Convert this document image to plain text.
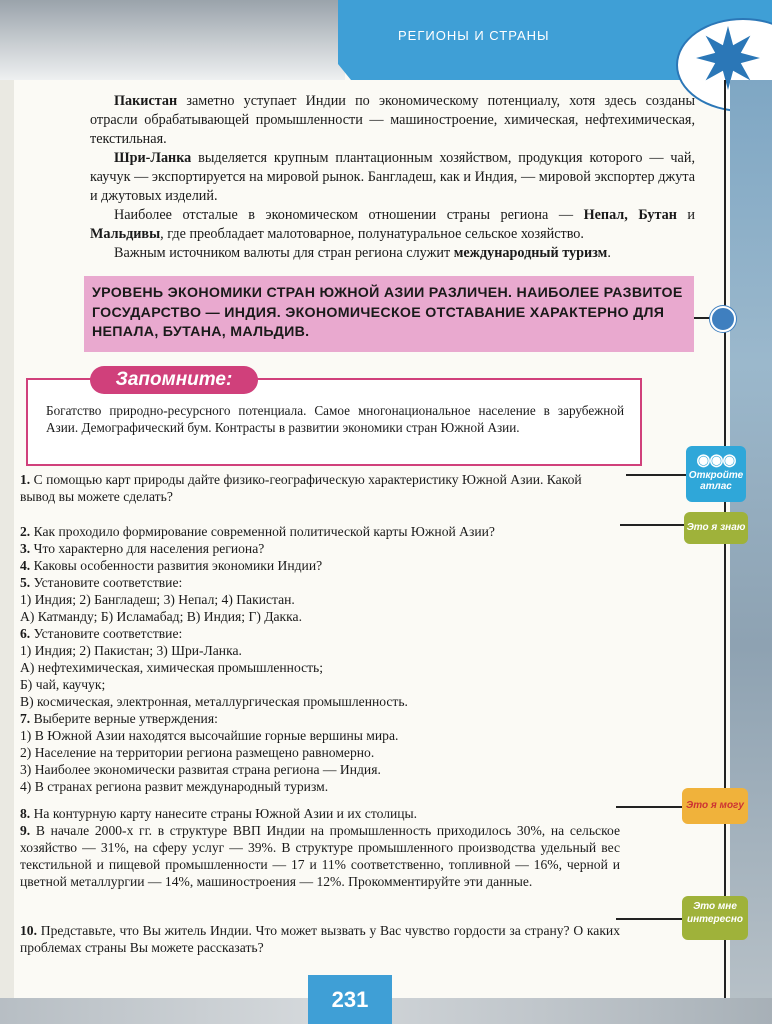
РЕГИОНЫ И СТРАНЫ

Пакистан заметно уступает Индии по экономическому потенциалу, хотя здесь созданы отрасли обрабатывающей промышленности — машиностроение, химическая, нефтехимическая, текстильная.

Шри-Ланка выделяется крупным плантационным хозяйством, продукция которого — чай, каучук — экспортируется на мировой рынок. Бангладеш, как и Индия, — мировой экспортер джута и джутовых изделий.

Наиболее отсталые в экономическом отношении страны региона — Непал, Бутан и Мальдивы, где преобладает малотоварное, полунатуральное сельское хозяйство.

Важным источником валюты для стран региона служит международный туризм.

УРОВЕНЬ ЭКОНОМИКИ СТРАН ЮЖНОЙ АЗИИ РАЗЛИЧЕН. НАИБОЛЕЕ РАЗВИТОЕ ГОСУДАРСТВО — ИНДИЯ. ЭКОНОМИЧЕСКОЕ ОТСТАВАНИЕ ХАРАКТЕРНО ДЛЯ НЕПАЛА, БУТАНА, МАЛЬДИВ.

Запомните:

Богатство природно-ресурсного потенциала. Самое многонациональное население в зарубежной Азии. Демографический бум. Контрасты в развитии экономики стран Южной Азии.

1. С помощью карт природы дайте физико-географическую характеристику Южной Азии. Какой вывод вы можете сделать?

2. Как проходило формирование современной политической карты Южной Азии?

3. Что характерно для населения региона?

4. Каковы особенности развития экономики Индии?

5. Установите соответствие:

1) Индия; 2) Бангладеш; 3) Непал; 4) Пакистан.

А) Катманду; Б) Исламабад; В) Индия; Г) Дакка.

6. Установите соответствие:

1) Индия; 2) Пакистан; 3) Шри-Ланка.

А) нефтехимическая, химическая промышленность;

Б) чай, каучук;

В) космическая, электронная, металлургическая промышленность.

7. Выберите верные утверждения:

1) В Южной Азии находятся высочайшие горные вершины мира.

2) Население на территории региона размещено равномерно.

3) Наиболее экономически развитая страна региона — Индия.

4) В странах региона развит международный туризм.

8. На контурную карту нанесите страны Южной Азии и их столицы.

9. В начале 2000-х гг. в структуре ВВП Индии на промышленность приходилось 30%, на сельское хозяйство — 31%, на сферу услуг — 39%. В структуре промышленного производства удельный вес текстильной и пищевой промышленности — 17 и 11% соответственно, топливной — 16%, черной и цветной металлургии — 14%, машиностроения — 12%. Прокомментируйте эти данные.

10. Представьте, что Вы житель Индии. Что может вызвать у Вас чувство гордости за страну? О каких проблемах страны Вы можете рассказать?

◉◉◉
Откройте атлас
Это я знаю
Это я могу
Это мне интересно
231
